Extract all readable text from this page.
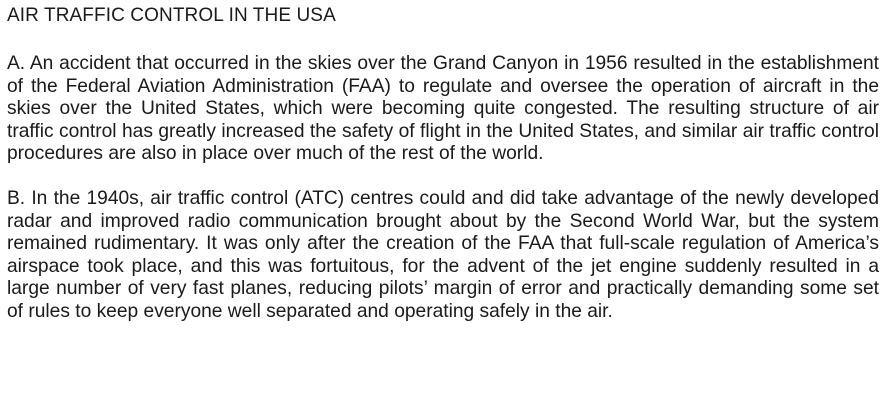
AIR TRAFFIC CONTROL IN THE USA

A. An accident that occurred in the skies over the Grand Canyon in 1956 resulted in the establishment of the Federal Aviation Administration (FAA) to regulate and oversee the operation of aircraft in the skies over the United States, which were becoming quite congested. The resulting structure of air traffic control has greatly increased the safety of flight in the United States, and similar air traffic control procedures are also in place over much of the rest of the world.

B. In the 1940s, air traffic control (ATC) centres could and did take advantage of the newly developed radar and improved radio communication brought about by the Second World War, but the system remained rudimentary. It was only after the creation of the FAA that full-scale regulation of America’s airspace took place, and this was fortuitous, for the advent of the jet engine suddenly resulted in a large number of very fast planes, reducing pilots’ margin of error and practically demanding some set of rules to keep everyone well separated and operating safely in the air.
